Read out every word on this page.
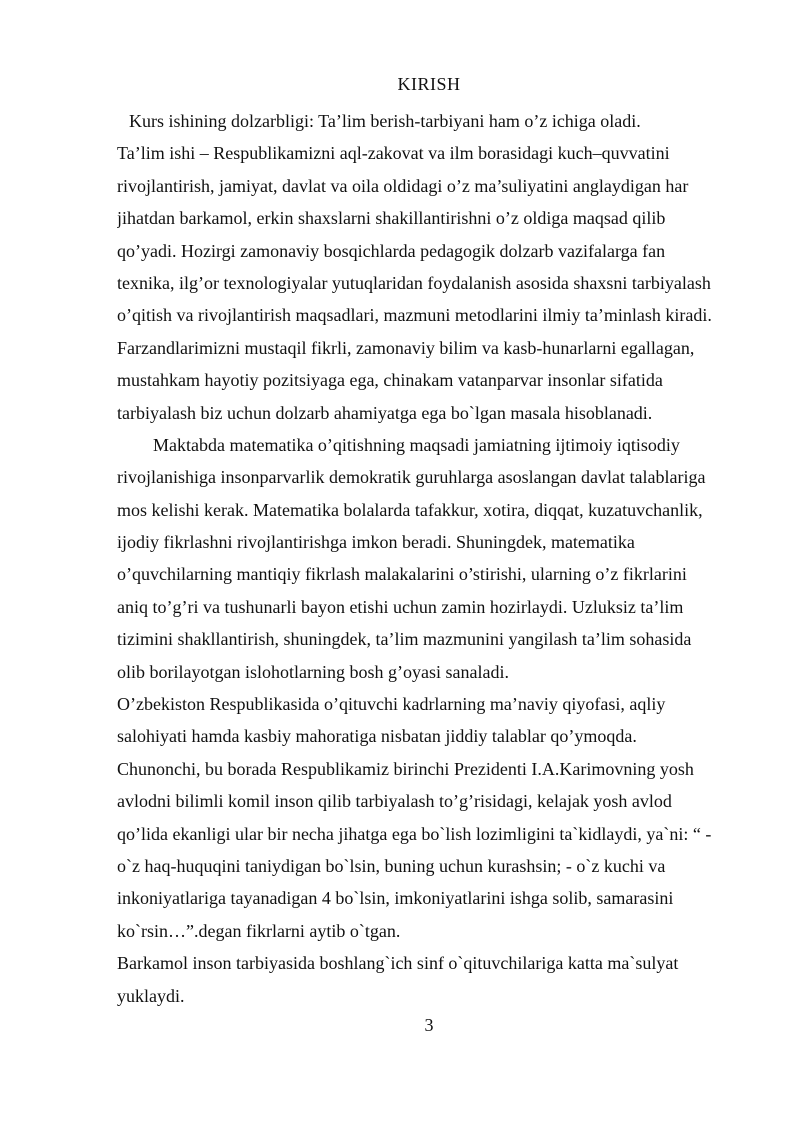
KIRISH
Kurs ishining dolzarbligi: Ta’lim berish-tarbiyani ham o’z ichiga oladi.
Ta’lim ishi – Respublikamizni aql-zakovat va ilm borasidagi kuch–quvvatini
rivojlantirish, jamiyat, davlat va oila oldidagi o’z ma’suliyatini anglaydigan har
jihatdan barkamol, erkin shaxslarni shakillantirishni o’z oldiga maqsad qilib
qo’yadi. Hozirgi zamonaviy bosqichlarda pedagogik dolzarb vazifalarga fan
texnika, ilg’or texnologiyalar yutuqlaridan foydalanish asosida shaxsni tarbiyalash
o’qitish va rivojlantirish maqsadlari, mazmuni metodlarini ilmiy ta’minlash kiradi.
Farzandlarimizni mustaqil fikrli, zamonaviy bilim va kasb-hunarlarni egallagan,
mustahkam hayotiy pozitsiyaga ega, chinakam vatanparvar insonlar sifatida
tarbiyalash biz uchun dolzarb ahamiyatga ega bo`lgan masala hisoblanadi.
Maktabda matematika o’qitishning maqsadi jamiatning ijtimoiy iqtisodiy
rivojlanishiga insonparvarlik demokratik guruhlarga asoslangan davlat talablariga
mos kelishi kerak. Matematika bolalarda tafakkur, xotira, diqqat, kuzatuvchanlik,
ijodiy fikrlashni rivojlantirishga imkon beradi. Shuningdek, matematika
o’quvchilarning mantiqiy fikrlash malakalarini o’stirishi, ularning o’z fikrlarini
aniq to’g’ri va tushunarli bayon etishi uchun zamin hozirlaydi. Uzluksiz ta’lim
tizimini shakllantirish, shuningdek, ta’lim mazmunini yangilash ta’lim sohasida
olib borilayotgan islohotlarning bosh g’oyasi sanaladi.
O’zbekiston Respublikasida o’qituvchi kadrlarning ma’naviy qiyofasi, aqliy
salohiyati hamda kasbiy mahoratiga nisbatan jiddiy talablar qo’ymoqda.
Chunonchi, bu borada Respublikamiz birinchi Prezidenti I.A.Karimovning yosh
avlodni bilimli komil inson qilib tarbiyalash to’g’risidagi, kelajak yosh avlod
qo’lida ekanligi ular bir necha jihatga ega bo`lish lozimligini ta`kidlaydi, ya`ni: “ -
o`z haq-huquqini taniydigan bo`lsin, buning uchun kurashsin; - o`z kuchi va
inkoniyatlariga tayanadigan 4 bo`lsin, imkoniyatlarini ishga solib, samarasini
ko`rsin…”.degan fikrlarni aytib o`tgan.
Barkamol inson tarbiyasida boshlang`ich sinf o`qituvchilariga katta ma`sulyat
yuklaydi.
3
